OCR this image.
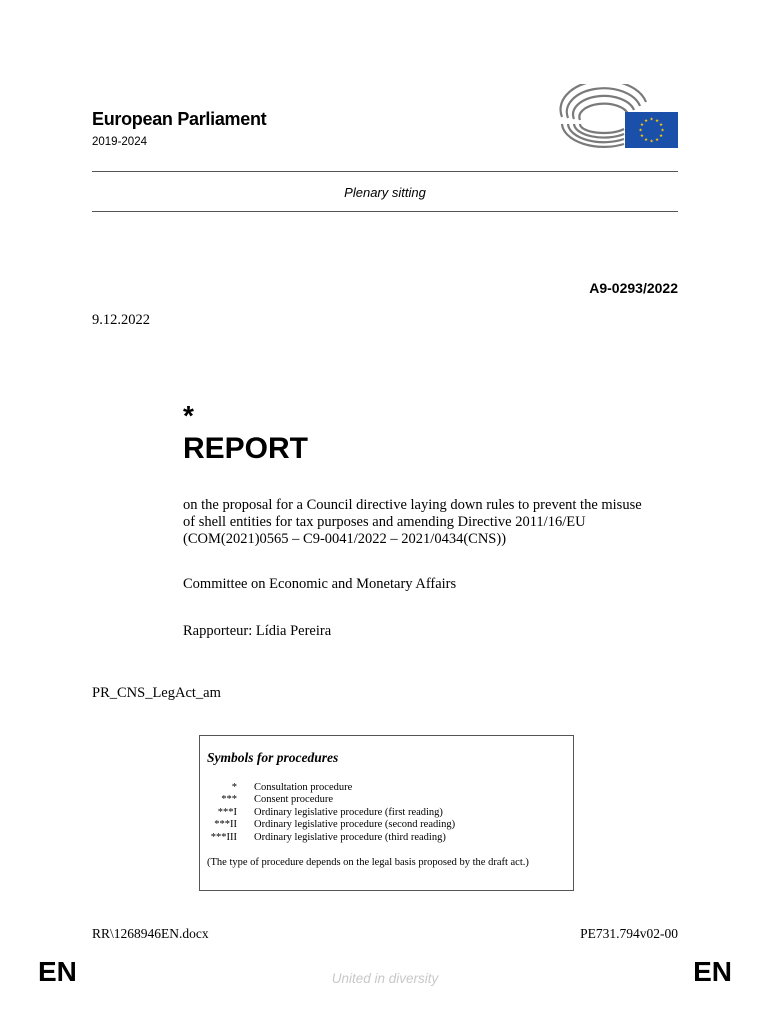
European Parliament
2019-2024
★ ★
★
★
★
★
★
★
★
★
★
★
Plenary sitting
A9-0293/2022
9.12.2022
*
REPORT
on the proposal for a Council directive laying down rules to prevent the misuse
of shell entities for tax purposes and amending Directive 2011/16/EU
(COM(2021)0565 – C9-0041/2022 – 2021/0434(CNS))
Committee on Economic and Monetary Affairs
Rapporteur: Lídia Pereira
PR_CNS_LegAct_am
Symbols for procedures
* Consultation procedure
*** Consent procedure
***I Ordinary legislative procedure (first reading)
***II Ordinary legislative procedure (second reading)
***III Ordinary legislative procedure (third reading)
(The type of procedure depends on the legal basis proposed by the draft act.)
RR\1268946EN.docx	PE731.794v02-00
EN	United in diversity	EN
